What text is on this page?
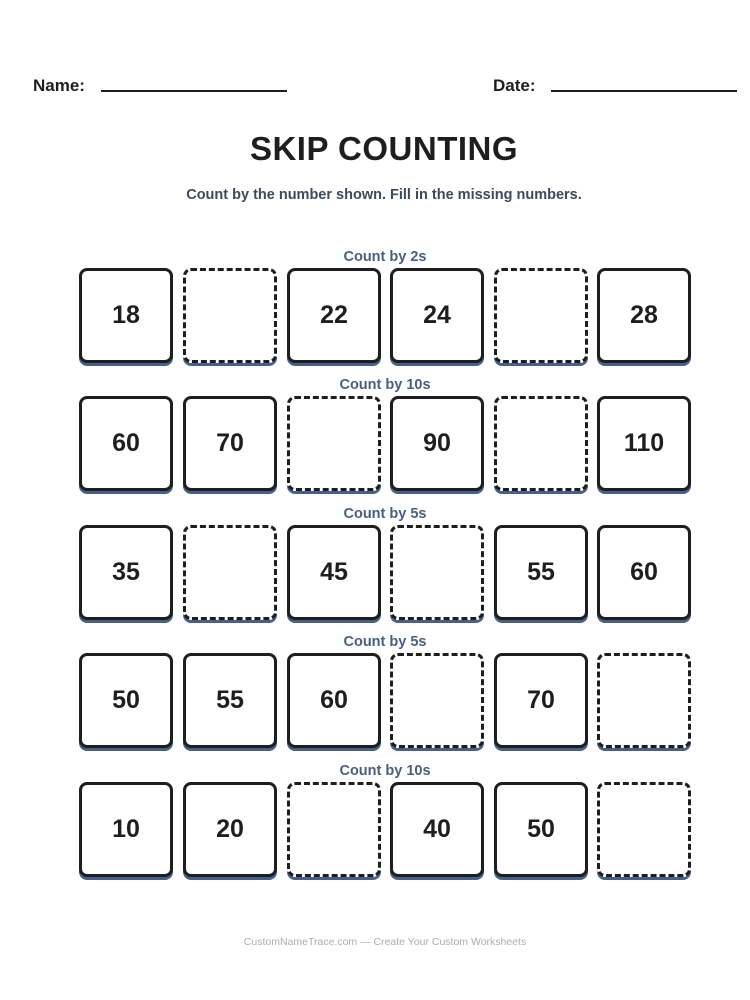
Name:	Date:
SKIP COUNTING
Count by the number shown. Fill in the missing numbers.
Count by 2s
18	22	24	28
Count by 10s
60	70	90	110
Count by 5s
35	45	55	60
Count by 5s
50	55	60	70
Count by 10s
10	20	40	50
CustomNameTrace.com — Create Your Custom Worksheets
